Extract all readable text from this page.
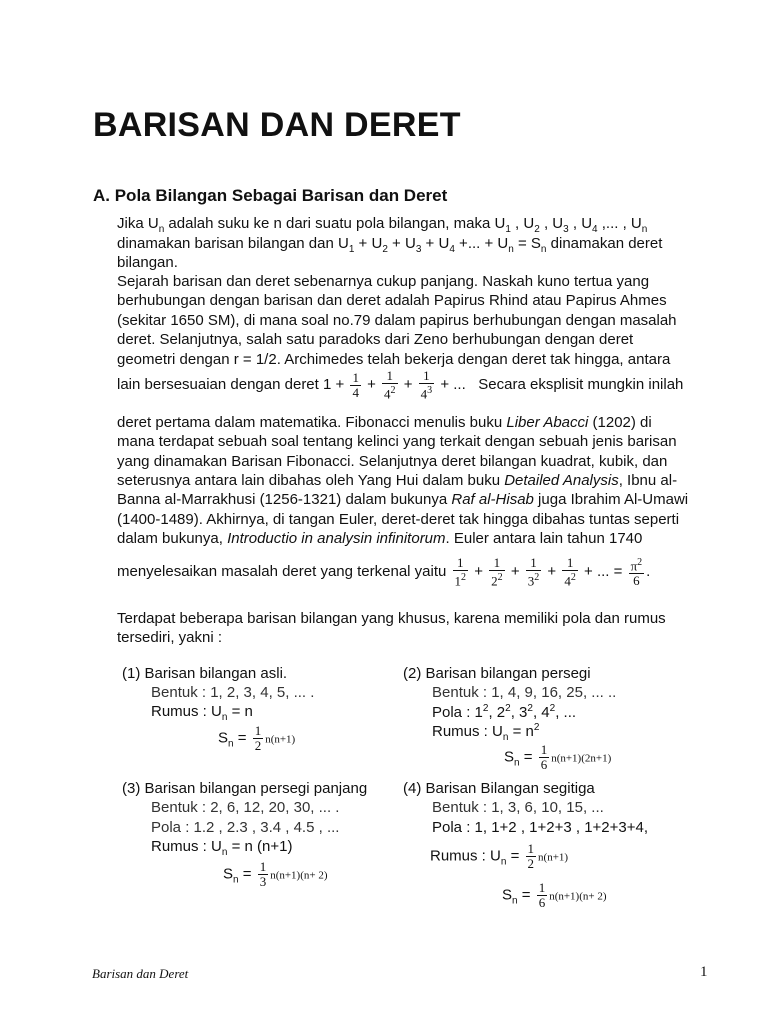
BARISAN DAN DERET
A. Pola Bilangan Sebagai Barisan dan Deret
Jika $U_n$ adalah suku ke n dari suatu pola bilangan, maka $U_1$ , $U_2$ , $U_3$ , $U_4$ ,... , $U_n$
dinamakan barisan bilangan dan $U_1 + U_2 + U_3 + U_4$ +... + $U_n = S_n$ dinamakan deret
bilangan.
Sejarah barisan dan deret sebenarnya cukup panjang. Naskah kuno tertua yang
berhubungan dengan barisan dan deret adalah Papirus Rhind atau Papirus Ahmes
(sekitar 1650 SM), di mana soal no.79 dalam papirus berhubungan dengan masalah
deret. Selanjutnya, salah satu paradoks dari Zeno berhubungan dengan deret
geometri dengan r = 1/2. Archimedes telah bekerja dengan deret tak hingga, antara
lain bersesuaian dengan deret $1 + \frac{1}{4} + \frac{1}{4^2} + \frac{1}{4^3}$ + ... Secara eksplisit mungkin inilah
deret pertama dalam matematika. Fibonacci menulis buku Liber Abacci (1202) di
mana terdapat sebuah soal tentang kelinci yang terkait dengan sebuah jenis barisan
yang dinamakan Barisan Fibonacci. Selanjutnya deret bilangan kuadrat, kubik, dan
seterusnya antara lain dibahas oleh Yang Hui dalam buku Detailed Analysis, Ibnu al-
Banna al-Marrakhusi (1256-1321) dalam bukunya Raf al-Hisab juga Ibrahim Al-Umawi
(1400-1489). Akhirnya, di tangan Euler, deret-deret tak hingga dibahas tuntas seperti
dalam bukunya, Introductio in analysin infinitorum. Euler antara lain tahun 1740
menyelesaikan masalah deret yang terkenal yaitu $\frac{1}{1^2} + \frac{1}{2^2} + \frac{1}{3^2} + \frac{1}{4^2}$ + ... = $\frac{\pi^2}{6}$ .
Terdapat beberapa barisan bilangan yang khusus, karena memiliki pola dan rumus
tersediri, yakni :
(1) Barisan bilangan asli.
Bentuk : 1, 2, 3, 4, 5, ... .
Rumus : $U_n = n$
$S_n = \frac{1}{2} n(n+1)$
(2) Barisan bilangan persegi
Bentuk : 1, 4, 9, 16, 25, ... ..
Pola : $1^2$, $2^2$, $3^2$, $4^2$, ...
Rumus : $U_n = n^2$
$S_n = \frac{1}{6} n(n+1)(2n+1)$
(3) Barisan bilangan persegi panjang
Bentuk : 2, 6, 12, 20, 30, ... .
Pola : 1.2 , 2.3 , 3.4 , 4.5 , ...
Rumus : $U_n = n$ (n+1)
$S_n = \frac{1}{3} n(n+1)(n+ 2)$
(4) Barisan Bilangan segitiga
Bentuk : 1, 3, 6, 10, 15, ...
Pola : 1, 1+2 , 1+2+3 , 1+2+3+4,
Rumus : $U_n = \frac{1}{2} n(n+1)$
$S_n = \frac{1}{6} n(n+1)(n+ 2)$
Barisan dan Deret	1
